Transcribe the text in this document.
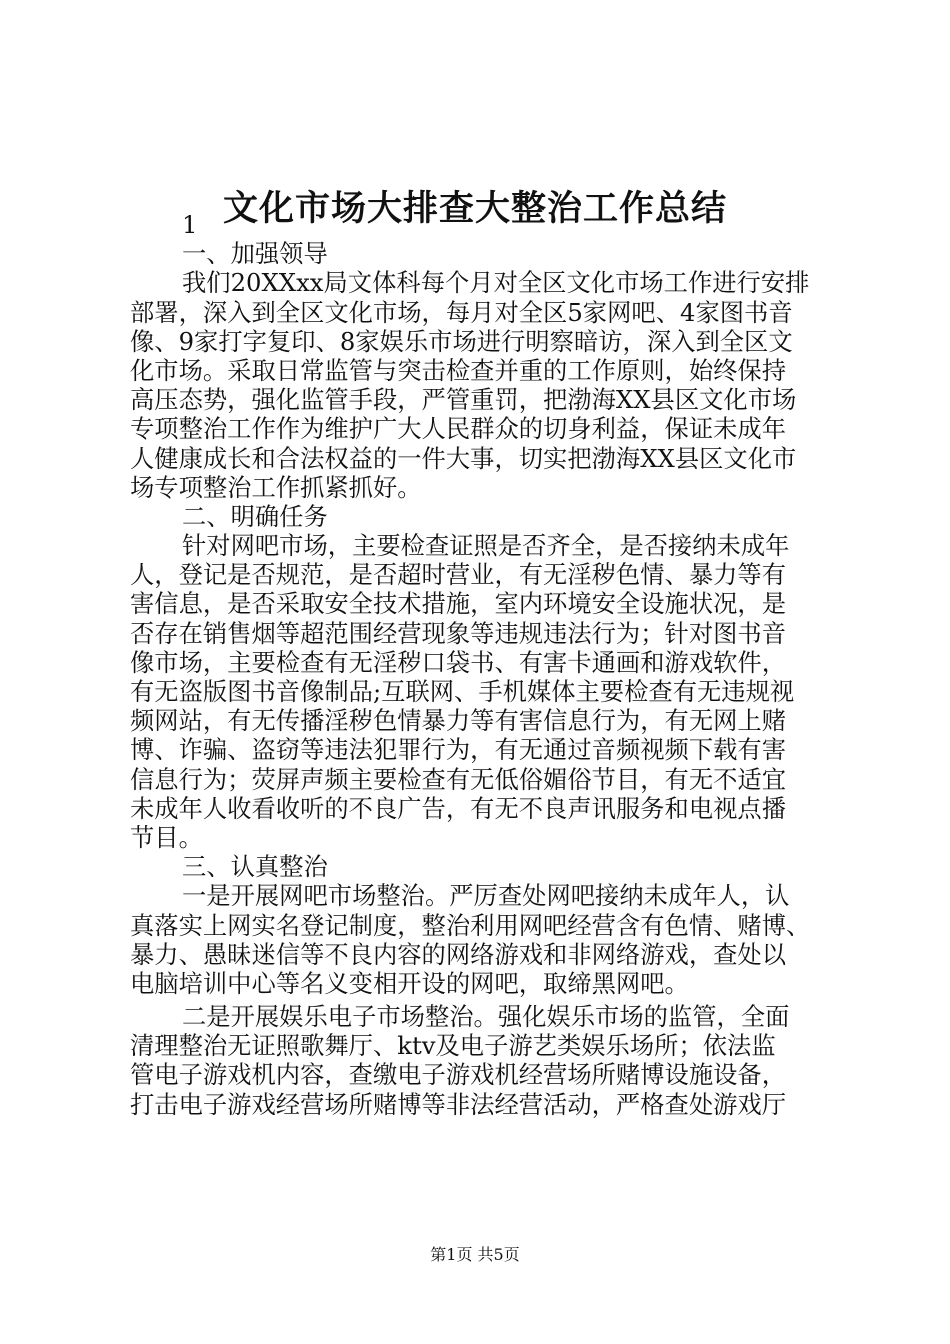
文化市场大排查大整治工作总结
1
一、加强领导
我们20XXxx局文体科每个月对全区文化市场工作进行安排
部署，深入到全区文化市场，每月对全区5家网吧、4家图书音
像、9家打字复印、8家娱乐市场进行明察暗访，深入到全区文
化市场。采取日常监管与突击检查并重的工作原则，始终保持
高压态势，强化监管手段，严管重罚，把渤海XX县区文化市场
专项整治工作作为维护广大人民群众的切身利益，保证未成年
人健康成长和合法权益的一件大事，切实把渤海XX县区文化市
场专项整治工作抓紧抓好。
二、明确任务
针对网吧市场，主要检查证照是否齐全，是否接纳未成年
人，登记是否规范，是否超时营业，有无淫秽色情、暴力等有
害信息，是否采取安全技术措施，室内环境安全设施状况，是
否存在销售烟等超范围经营现象等违规违法行为；针对图书音
像市场，主要检查有无淫秽口袋书、有害卡通画和游戏软件，
有无盗版图书音像制品;互联网、手机媒体主要检查有无违规视
频网站，有无传播淫秽色情暴力等有害信息行为，有无网上赌
博、诈骗、盗窃等违法犯罪行为，有无通过音频视频下载有害
信息行为；荧屏声频主要检查有无低俗媚俗节目，有无不适宜
未成年人收看收听的不良广告，有无不良声讯服务和电视点播
节目。
三、认真整治
一是开展网吧市场整治。严厉查处网吧接纳未成年人，认
真落实上网实名登记制度，整治利用网吧经营含有色情、赌博、
暴力、愚昧迷信等不良内容的网络游戏和非网络游戏，查处以
电脑培训中心等名义变相开设的网吧，取缔黑网吧。
二是开展娱乐电子市场整治。强化娱乐市场的监管，全面
清理整治无证照歌舞厅、ktv及电子游艺类娱乐场所；依法监
管电子游戏机内容，查缴电子游戏机经营场所赌博设施设备，
打击电子游戏经营场所赌博等非法经营活动，严格查处游戏厅
第1页 共5页
